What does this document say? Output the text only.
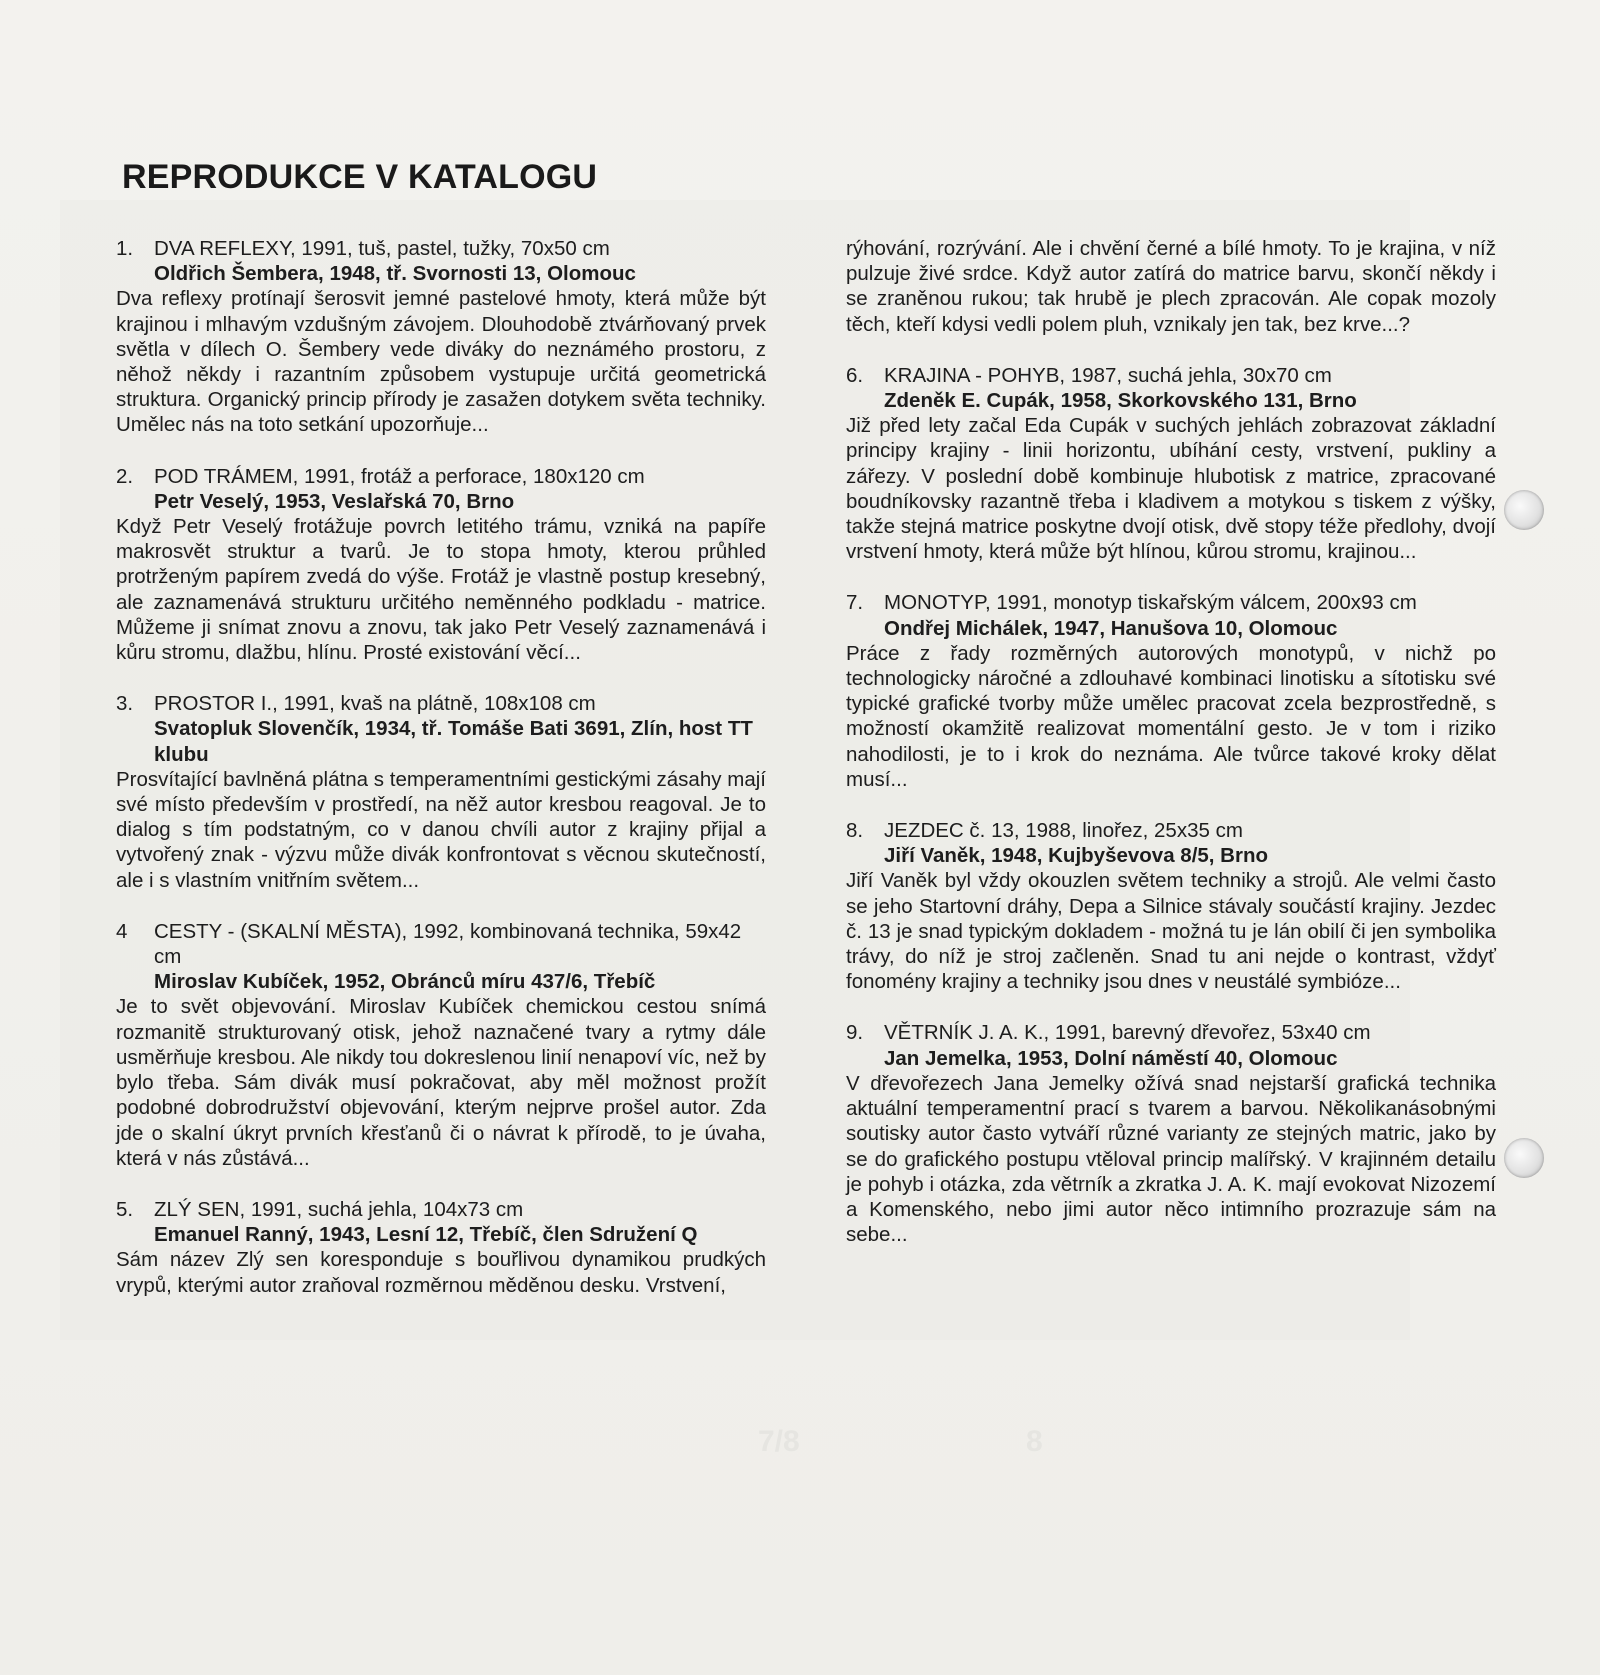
REPRODUKCE V KATALOGU
1.	DVA REFLEXY, 1991, tuš, pastel, tužky, 70x50 cm
Oldřich Šembera, 1948, tř. Svornosti 13, Olomouc

Dva reflexy protínají šerosvit jemné pastelové hmoty, která může být krajinou i mlhavým vzdušným závojem. Dlouhodobě ztvárňovaný prvek světla v dílech O. Šembery vede diváky do neznámého prostoru, z něhož někdy i razantním způsobem vystupuje určitá geometrická struktura. Organický princip přírody je zasažen dotykem světa techniky. Umělec nás na toto setkání upozorňuje...

2.	POD TRÁMEM, 1991, frotáž a perforace, 180x120 cm
Petr Veselý, 1953, Veslařská 70, Brno

Když Petr Veselý frotážuje povrch letitého trámu, vzniká na papíře makrosvět struktur a tvarů. Je to stopa hmoty, kterou průhled protrženým papírem zvedá do výše. Frotáž je vlastně postup kresebný, ale zaznamenává strukturu určitého neměnného podkladu - matrice. Můžeme ji snímat znovu a znovu, tak jako Petr Veselý zaznamenává i kůru stromu, dlažbu, hlínu. Prosté existování věcí...

3.	PROSTOR I., 1991, kvaš na plátně, 108x108 cm
Svatopluk Slovenčík, 1934, tř. Tomáše Bati 3691, Zlín, host TT klubu

Prosvítající bavlněná plátna s temperamentními gestickými zásahy mají své místo především v prostředí, na něž autor kresbou reagoval. Je to dialog s tím podstatným, co v danou chvíli autor z krajiny přijal a vytvořený znak - výzvu může divák konfrontovat s věcnou skutečností, ale i s vlastním vnitřním světem...

4	CESTY - (SKALNÍ MĚSTA), 1992, kombinovaná technika, 59x42 cm
Miroslav Kubíček, 1952, Obránců míru 437/6, Třebíč

Je to svět objevování. Miroslav Kubíček chemickou cestou snímá rozmanitě strukturovaný otisk, jehož naznačené tvary a rytmy dále usměrňuje kresbou. Ale nikdy tou dokreslenou linií nenapoví víc, než by bylo třeba. Sám divák musí pokračovat, aby měl možnost prožít podobné dobrodružství objevování, kterým nejprve prošel autor. Zda jde o skalní úkryt prvních křesťanů či o návrat k přírodě, to je úvaha, která v nás zůstává...

5.	ZLÝ SEN, 1991, suchá jehla, 104x73 cm
Emanuel Ranný, 1943, Lesní 12, Třebíč, člen Sdružení Q

Sám název Zlý sen koresponduje s bouřlivou dynamikou prudkých vrypů, kterými autor zraňoval rozměrnou měděnou desku. Vrstvení,

rýhování, rozrývání. Ale i chvění černé a bílé hmoty. To je krajina, v níž pulzuje živé srdce. Když autor zatírá do matrice barvu, skončí někdy i se zraněnou rukou; tak hrubě je plech zpracován. Ale copak mozoly těch, kteří kdysi vedli polem pluh, vznikaly jen tak, bez krve...?

6.	KRAJINA - POHYB, 1987, suchá jehla, 30x70 cm
Zdeněk E. Cupák, 1958, Skorkovského 131, Brno

Již před lety začal Eda Cupák v suchých jehlách zobrazovat základní principy krajiny - linii horizontu, ubíhání cesty, vrstvení, pukliny a zářezy. V poslední době kombinuje hlubotisk z matrice, zpracované boudníkovsky razantně třeba i kladivem a motykou s tiskem z výšky, takže stejná matrice poskytne dvojí otisk, dvě stopy téže předlohy, dvojí vrstvení hmoty, která může být hlínou, kůrou stromu, krajinou...

7.	MONOTYP, 1991, monotyp tiskařským válcem, 200x93 cm
Ondřej Michálek, 1947, Hanušova 10, Olomouc

Práce z řady rozměrných autorových monotypů, v nichž po technologicky náročné a zdlouhavé kombinaci linotisku a sítotisku své typické grafické tvorby může umělec pracovat zcela bezprostředně, s možností okamžitě realizovat momentální gesto. Je v tom i riziko nahodilosti, je to i krok do neznáma. Ale tvůrce takové kroky dělat musí...

8.	JEZDEC č. 13, 1988, linořez, 25x35 cm
Jiří Vaněk, 1948, Kujbyševova 8/5, Brno

Jiří Vaněk byl vždy okouzlen světem techniky a strojů. Ale velmi často se jeho Startovní dráhy, Depa a Silnice stávaly součástí krajiny. Jezdec č. 13 je snad typickým dokladem - možná tu je lán obilí či jen symbolika trávy, do níž je stroj začleněn. Snad tu ani nejde o kontrast, vždyť fonomény krajiny a techniky jsou dnes v neustálé symbióze...

9.	VĚTRNÍK J. A. K., 1991, barevný dřevořez, 53x40 cm
Jan Jemelka, 1953, Dolní náměstí 40, Olomouc

V dřevořezech Jana Jemelky ožívá snad nejstarší grafická technika aktuální temperamentní prací s tvarem a barvou. Několikanásobnými soutisky autor často vytváří různé varianty ze stejných matric, jako by se do grafického postupu vtěloval princip malířský. V krajinném detailu je pohyb i otázka, zda větrník a zkratka J. A. K. mají evokovat Nizozemí a Komenského, nebo jimi autor něco intimního prozrazuje sám na sebe...

7/8	8
